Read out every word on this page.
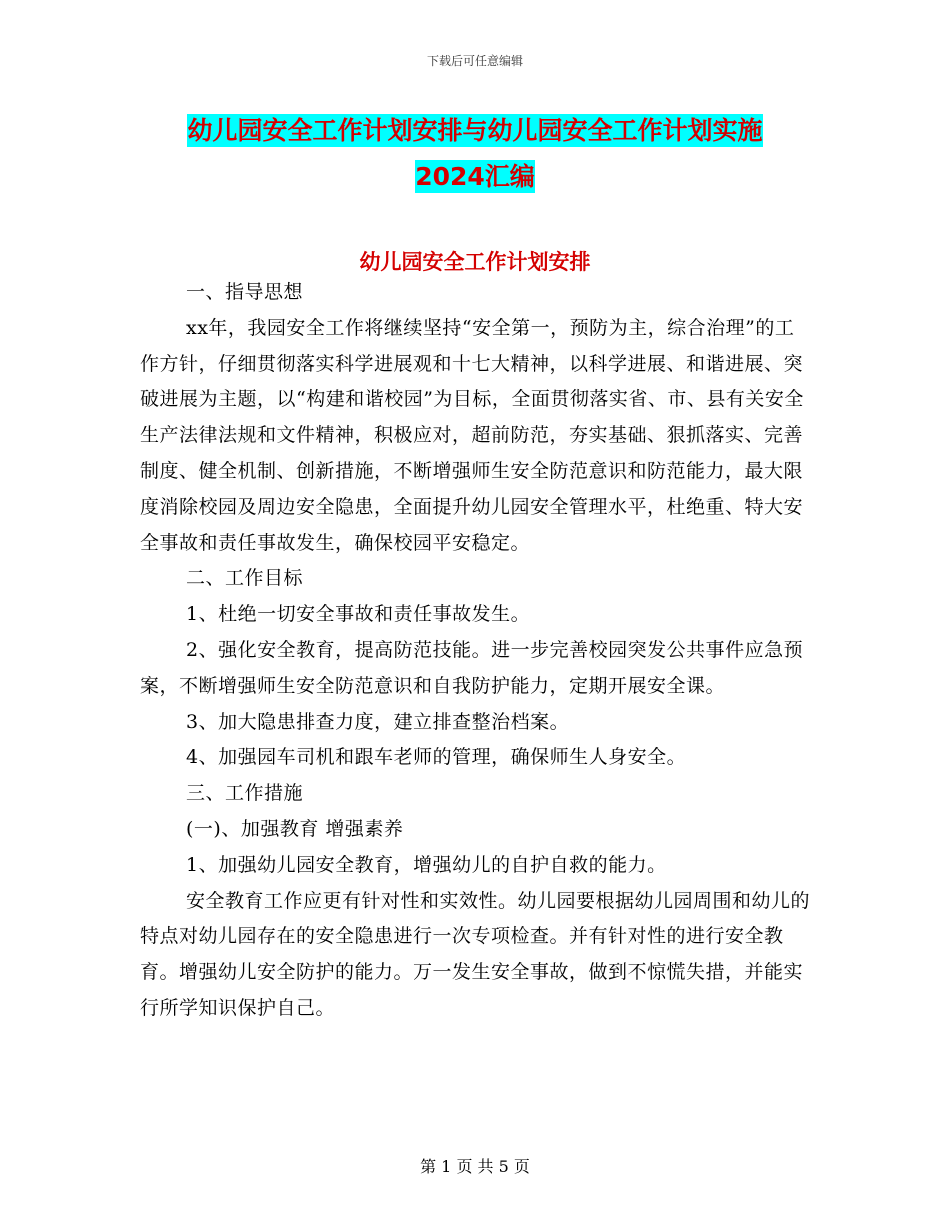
下载后可任意编辑
幼儿园安全工作计划安排与幼儿园安全工作计划实施
2024汇编
幼儿园安全工作计划安排

一、指导思想

xx年，我园安全工作将继续坚持“安全第一，预防为主，综合治理”的工作方针，仔细贯彻落实科学进展观和十七大精神，以科学进展、和谐进展、突破进展为主题，以“构建和谐校园”为目标，全面贯彻落实省、市、县有关安全生产法律法规和文件精神，积极应对，超前防范，夯实基础、狠抓落实、完善制度、健全机制、创新措施，不断增强师生安全防范意识和防范能力，最大限度消除校园及周边安全隐患，全面提升幼儿园安全管理水平，杜绝重、特大安全事故和责任事故发生，确保校园平安稳定。

二、工作目标

1、杜绝一切安全事故和责任事故发生。

2、强化安全教育，提高防范技能。进一步完善校园突发公共事件应急预案，不断增强师生安全防范意识和自我防护能力，定期开展安全课。

3、加大隐患排查力度，建立排查整治档案。

4、加强园车司机和跟车老师的管理，确保师生人身安全。

三、工作措施

(一)、加强教育 增强素养

1、加强幼儿园安全教育，增强幼儿的自护自救的能力。

安全教育工作应更有针对性和实效性。幼儿园要根据幼儿园周围和幼儿的特点对幼儿园存在的安全隐患进行一次专项检查。并有针对性的进行安全教育。增强幼儿安全防护的能力。万一发生安全事故，做到不惊慌失措，并能实行所学知识保护自己。

第 1 页 共 5 页
